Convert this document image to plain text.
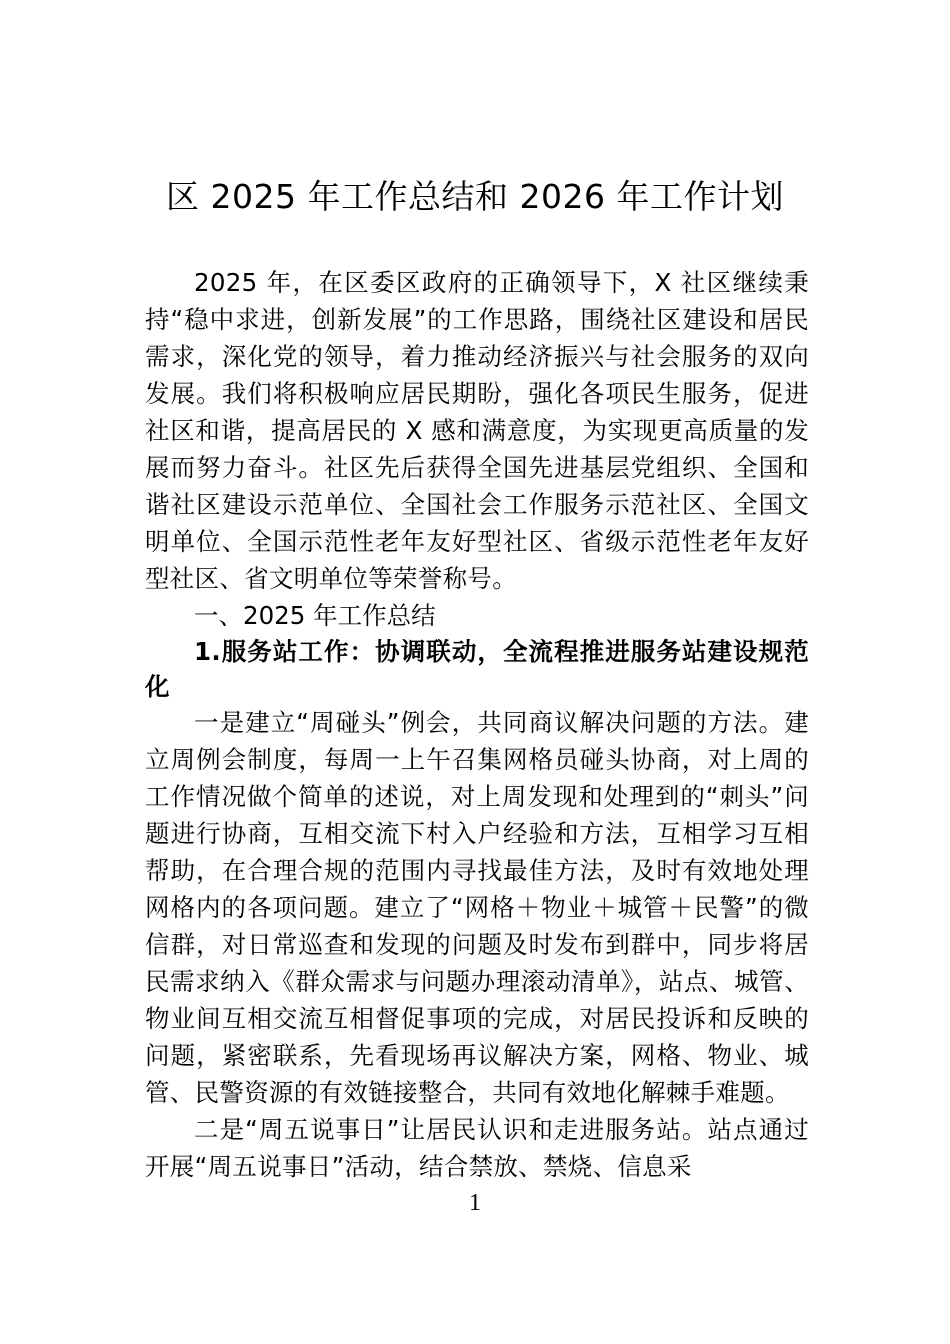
区 2025 年工作总结和 2026 年工作计划

2025 年，在区委区政府的正确领导下，X 社区继续秉持“稳中求进，创新发展”的工作思路，围绕社区建设和居民需求，深化党的领导，着力推动经济振兴与社会服务的双向发展。我们将积极响应居民期盼，强化各项民生服务，促进社区和谐，提高居民的 X 感和满意度，为实现更高质量的发展而努力奋斗。社区先后获得全国先进基层党组织、全国和谐社区建设示范单位、全国社会工作服务示范社区、全国文明单位、全国示范性老年友好型社区、省级示范性老年友好型社区、省文明单位等荣誉称号。

一、2025 年工作总结

1.服务站工作：协调联动，全流程推进服务站建设规范化

一是建立“周碰头”例会，共同商议解决问题的方法。建立周例会制度，每周一上午召集网格员碰头协商，对上周的工作情况做个简单的述说，对上周发现和处理到的“刺头”问题进行协商，互相交流下村入户经验和方法，互相学习互相帮助，在合理合规的范围内寻找最佳方法，及时有效地处理网格内的各项问题。建立了“网格＋物业＋城管＋民警”的微信群，对日常巡查和发现的问题及时发布到群中，同步将居民需求纳入《群众需求与问题办理滚动清单》，站点、城管、物业间互相交流互相督促事项的完成，对居民投诉和反映的问题，紧密联系，先看现场再议解决方案，网格、物业、城管、民警资源的有效链接整合，共同有效地化解棘手难题。

二是“周五说事日”让居民认识和走进服务站。站点通过开展“周五说事日”活动，结合禁放、禁烧、信息采

1
